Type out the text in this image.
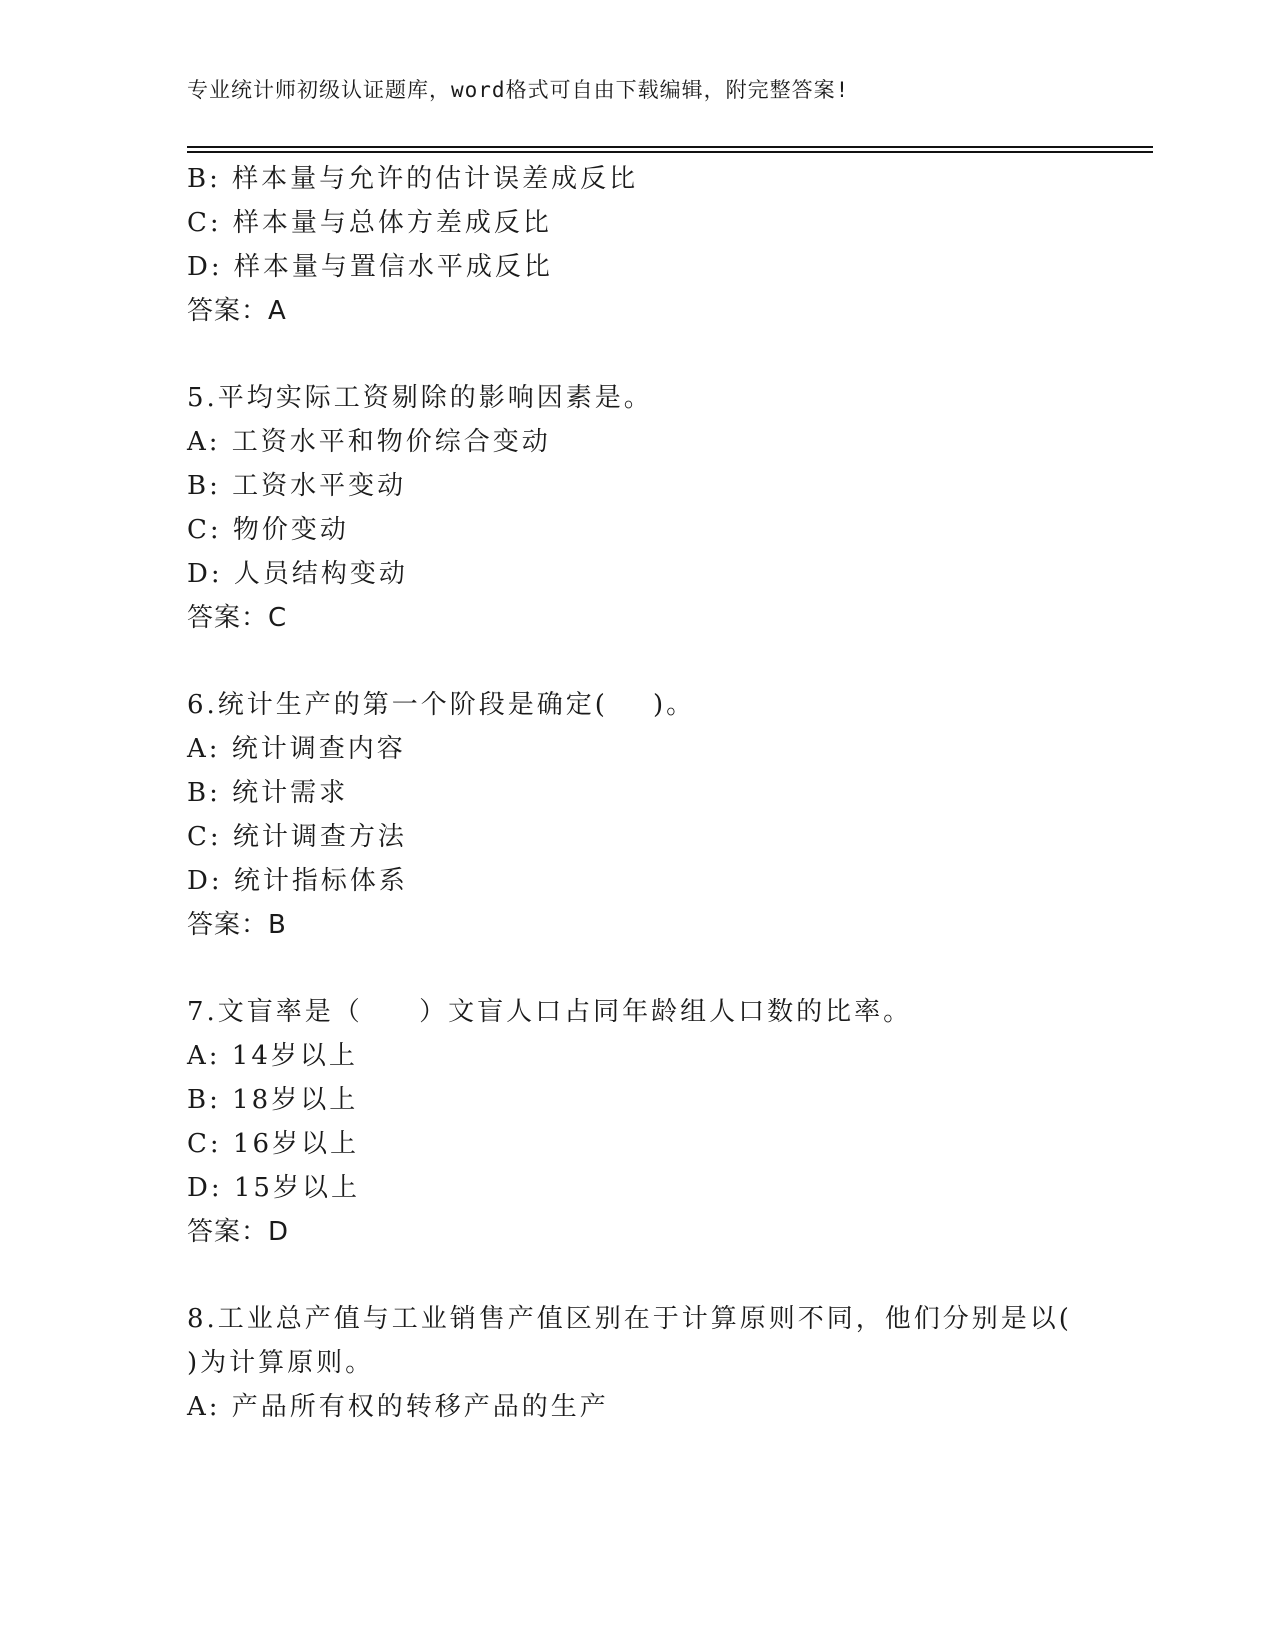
专业统计师初级认证题库，word格式可自由下载编辑，附完整答案!
B: 样本量与允许的估计误差成反比
C: 样本量与总体方差成反比
D: 样本量与置信水平成反比
答案：A
5.平均实际工资剔除的影响因素是。
A: 工资水平和物价综合变动
B: 工资水平变动
C: 物价变动
D: 人员结构变动
答案：C
6.统计生产的第一个阶段是确定(    )。
A: 统计调查内容
B: 统计需求
C: 统计调查方法
D: 统计指标体系
答案：B
7.文盲率是（     ）文盲人口占同年龄组人口数的比率。
A: 14岁以上
B: 18岁以上
C: 16岁以上
D: 15岁以上
答案：D
8.工业总产值与工业销售产值区别在于计算原则不同，他们分别是以(
)为计算原则。
A: 产品所有权的转移产品的生产
